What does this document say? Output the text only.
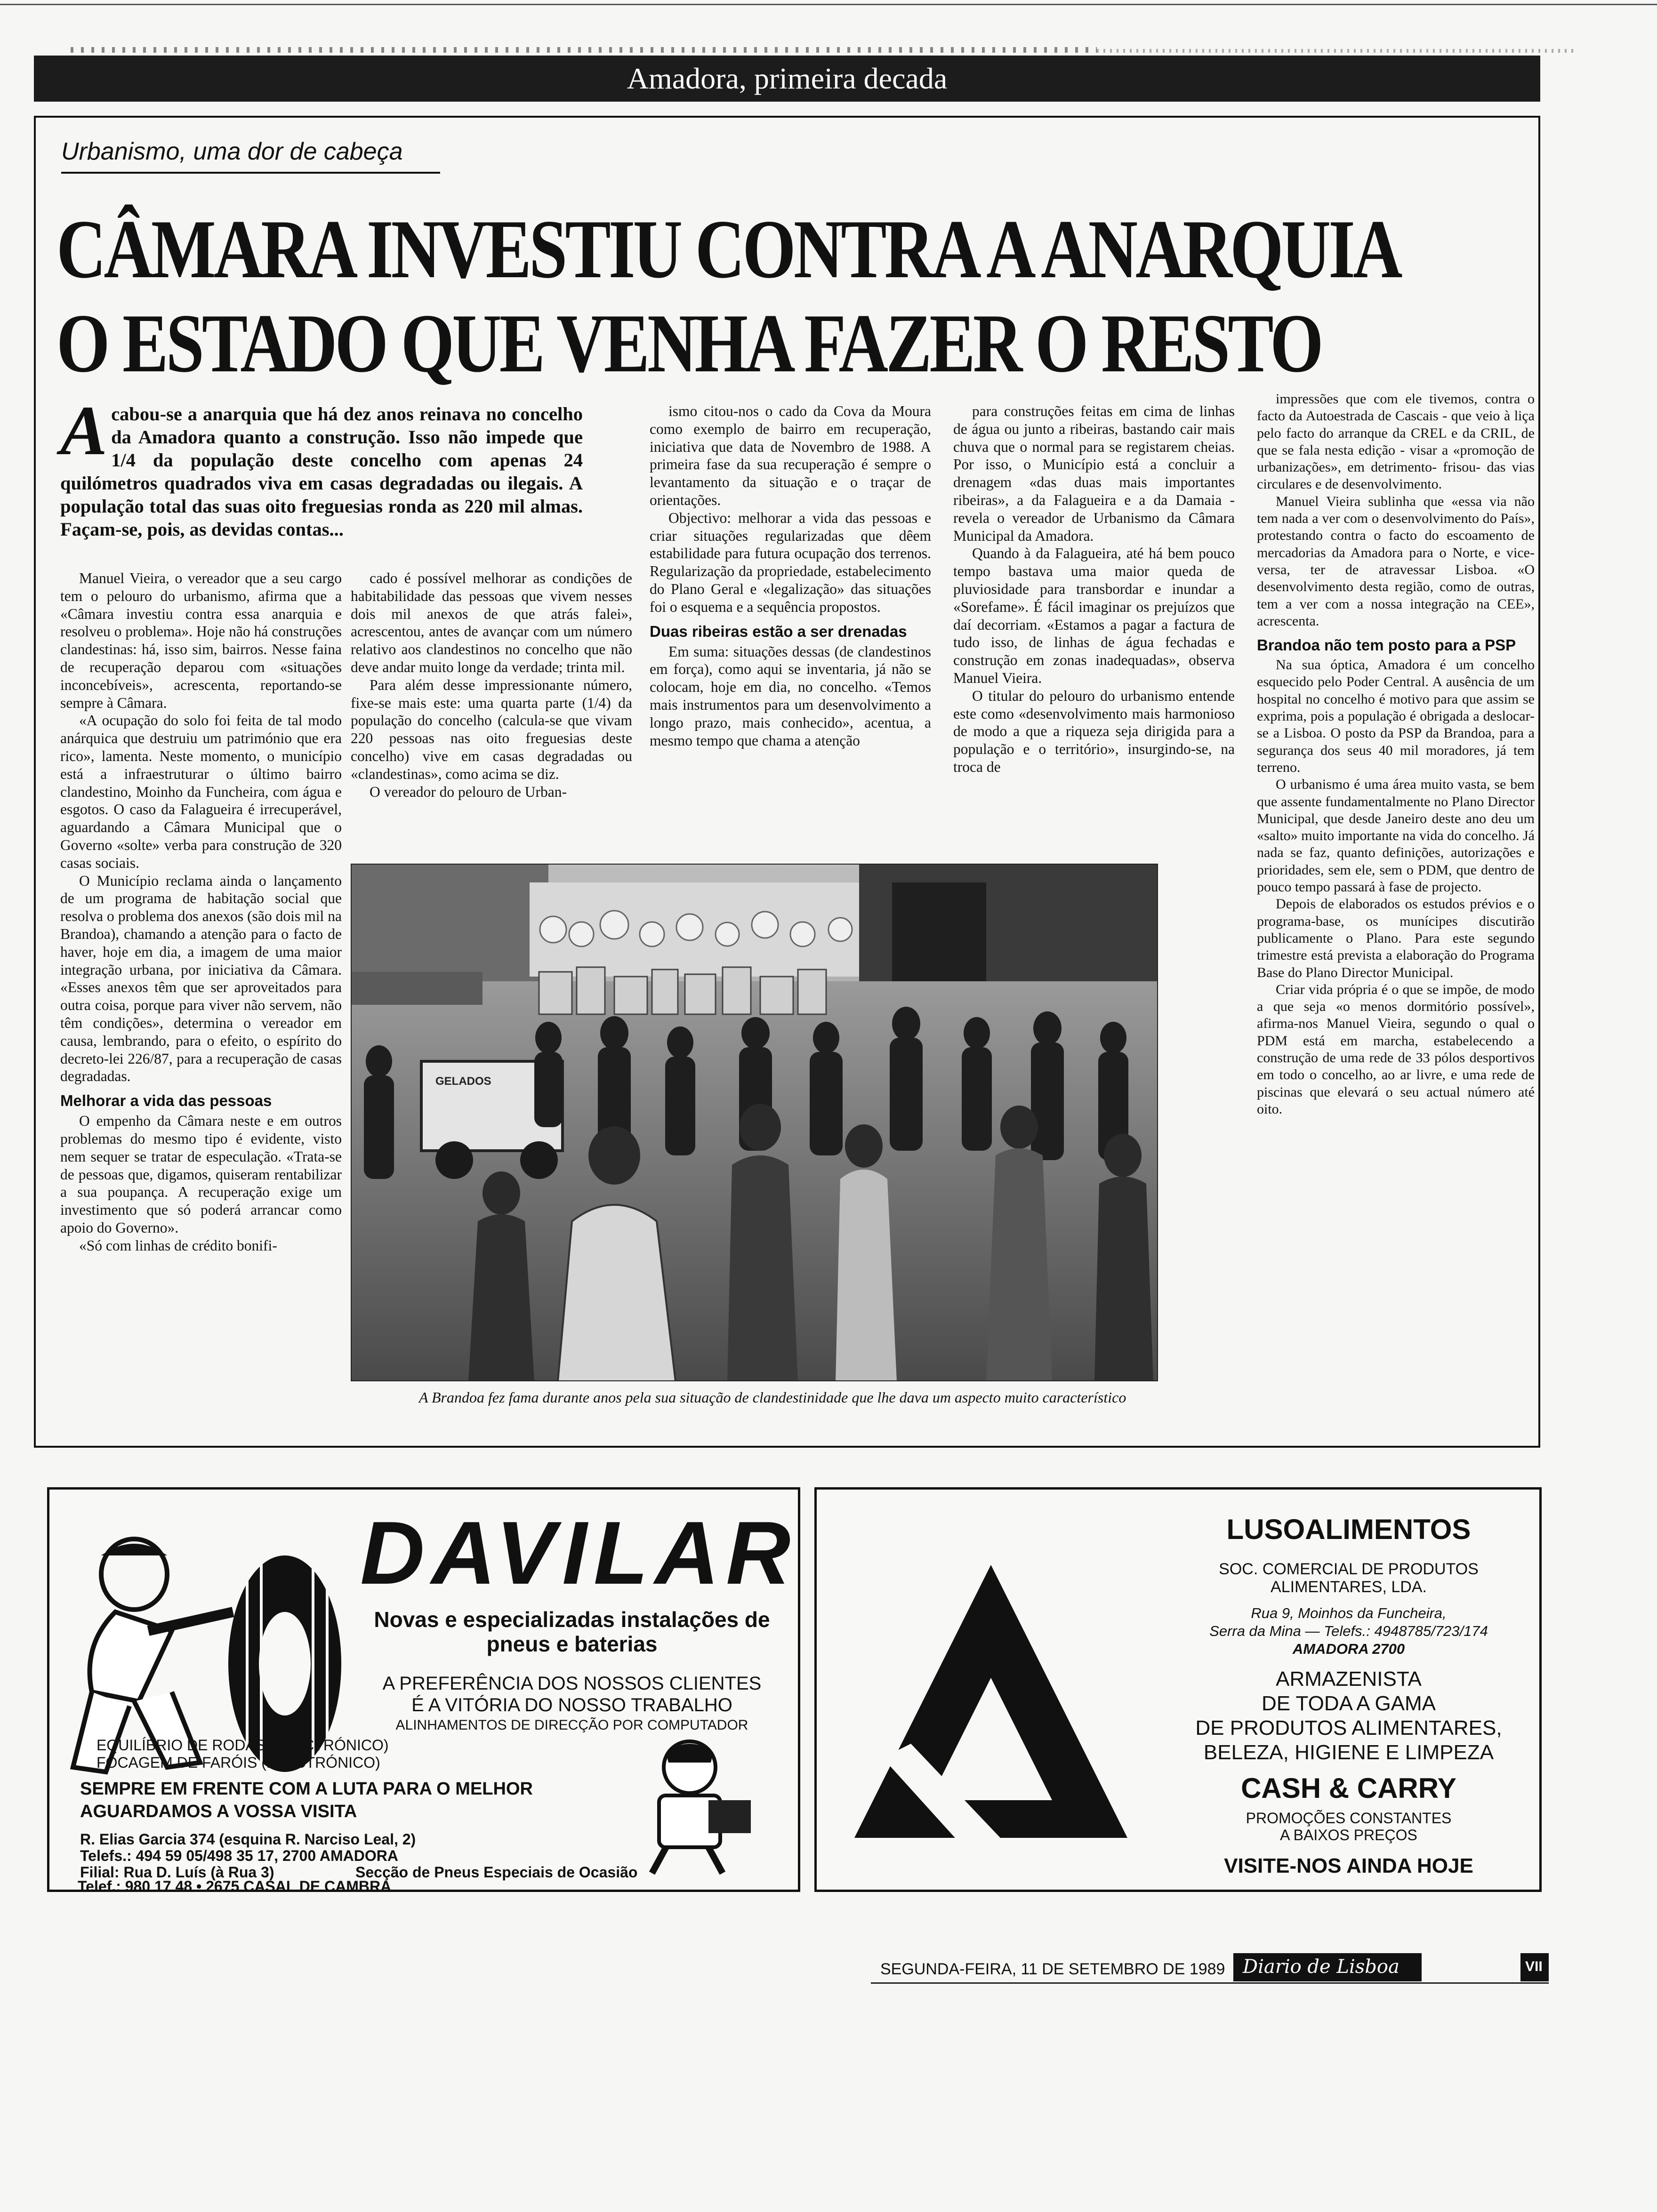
Amadora, primeira decada
Urbanismo, uma dor de cabeça
CÂMARA INVESTIU CONTRA A ANARQUIA
O ESTADO QUE VENHA FAZER O RESTO
Acabou-se a anarquia que há dez anos reinava no concelho da Amadora quanto a construção. Isso não impede que 1/4 da população deste concelho com apenas 24 quilómetros quadrados viva em casas degradadas ou ilegais. A população total das suas oito freguesias ronda as 220 mil almas. Façam-se, pois, as devidas contas...

Manuel Vieira, o vereador que a seu cargo tem o pelouro do urbanismo, afirma que a «Câmara investiu contra essa anarquia e resolveu o problema». Hoje não há construções clandestinas: há, isso sim, bairros. Nesse faina de recuperação deparou com «situações inconcebíveis», acrescenta, reportando-se sempre à Câmara.

«A ocupação do solo foi feita de tal modo anárquica que destruiu um património que era rico», lamenta. Neste momento, o município está a infraestruturar o último bairro clandestino, Moinho da Funcheira, com água e esgotos. O caso da Falagueira é irrecuperável, aguardando a Câmara Municipal que o Governo «solte» verba para construção de 320 casas sociais.

O Município reclama ainda o lançamento de um programa de habitação social que resolva o problema dos anexos (são dois mil na Brandoa), chamando a atenção para o facto de haver, hoje em dia, a imagem de uma maior integração urbana, por iniciativa da Câmara. «Esses anexos têm que ser aproveitados para outra coisa, porque para viver não servem, não têm condições», determina o vereador em causa, lembrando, para o efeito, o espírito do decreto-lei 226/87, para a recuperação de casas degradadas.

Melhorar a vida das pessoas

O empenho da Câmara neste e em outros problemas do mesmo tipo é evidente, visto nem sequer se tratar de especulação. «Trata-se de pessoas que, digamos, quiseram rentabilizar a sua poupança. A recuperação exige um investimento que só poderá arrancar como apoio do Governo».

«Só com linhas de crédito bonifi-

cado é possível melhorar as condições de habitabilidade das pessoas que vivem nesses dois mil anexos de que atrás falei», acrescentou, antes de avançar com um número relativo aos clandestinos no concelho que não deve andar muito longe da verdade; trinta mil.

Para além desse impressionante número, fixe-se mais este: uma quarta parte (1/4) da população do concelho (calcula-se que vivam 220 pessoas nas oito freguesias deste concelho) vive em casas degradadas ou «clandestinas», como acima se diz.

O vereador do pelouro de Urban-

ismo citou-nos o cado da Cova da Moura como exemplo de bairro em recuperação, iniciativa que data de Novembro de 1988. A primeira fase da sua recuperação é sempre o levantamento da situação e o traçar de orientações.

Objectivo: melhorar a vida das pessoas e criar situações regularizadas que dêem estabilidade para futura ocupação dos terrenos. Regularização da propriedade, estabelecimento do Plano Geral e «legalização» das situações foi o esquema e a sequência propostos.

Duas ribeiras estão a ser drenadas

Em suma: situações dessas (de clandestinos em força), como aqui se inventaria, já não se colocam, hoje em dia, no concelho. «Temos mais instrumentos para um desenvolvimento a longo prazo, mais conhecido», acentua, a mesmo tempo que chama a atenção

para construções feitas em cima de linhas de água ou junto a ribeiras, bastando cair mais chuva que o normal para se registarem cheias. Por isso, o Município está a concluir a drenagem «das duas mais importantes ribeiras», a da Falagueira e a da Damaia - revela o vereador de Urbanismo da Câmara Municipal da Amadora.

Quando à da Falagueira, até há bem pouco tempo bastava uma maior queda de pluviosidade para transbordar e inundar a «Sorefame». É fácil imaginar os prejuízos que daí decorriam. «Estamos a pagar a factura de tudo isso, de linhas de água fechadas e construção em zonas inadequadas», observa Manuel Vieira.

O titular do pelouro do urbanismo entende este como «desenvolvimento mais harmonioso de modo a que a riqueza seja dirigida para a população e o território», insurgindo-se, na troca de

impressões que com ele tivemos, contra o facto da Autoestrada de Cascais - que veio à liça pelo facto do arranque da CREL e da CRIL, de que se fala nesta edição - visar a «promoção de urbanizações», em detrimento- frisou- das vias circulares e de desenvolvimento.

Manuel Vieira sublinha que «essa via não tem nada a ver com o desenvolvimento do País», protestando contra o facto do escoamento de mercadorias da Amadora para o Norte, e vice-versa, ter de atravessar Lisboa. «O desenvolvimento desta região, como de outras, tem a ver com a nossa integração na CEE», acrescenta.

Brandoa não tem posto para a PSP

Na sua óptica, Amadora é um concelho esquecido pelo Poder Central. A ausência de um hospital no concelho é motivo para que assim se exprima, pois a população é obrigada a deslocar-se a Lisboa. O posto da PSP da Brandoa, para a segurança dos seus 40 mil moradores, já tem terreno.

O urbanismo é uma área muito vasta, se bem que assente fundamentalmente no Plano Director Municipal, que desde Janeiro deste ano deu um «salto» muito importante na vida do concelho. Já nada se faz, quanto definições, autorizações e prioridades, sem ele, sem o PDM, que dentro de pouco tempo passará à fase de projecto.

Depois de elaborados os estudos prévios e o programa-base, os munícipes discutirão publicamente o Plano. Para este segundo trimestre está prevista a elaboração do Programa Base do Plano Director Municipal.

Criar vida própria é o que se impõe, de modo a que seja «o menos dormitório possível», afirma-nos Manuel Vieira, segundo o qual o PDM está em marcha, estabelecendo a construção de uma rede de 33 pólos desportivos em todo o concelho, ao ar livre, e uma rede de piscinas que elevará o seu actual número até oito.

GELADOS
A Brandoa fez fama durante anos pela sua situação de clandestinidade que lhe dava um aspecto muito característico
DAVILAR
Novas e especializadas instalações de pneus e baterias
A PREFERÊNCIA DOS NOSSOS CLIENTES
É A VITÓRIA DO NOSSO TRABALHO
ALINHAMENTOS DE DIRECÇÃO POR COMPUTADOR
EQUILÍBRIO DE RODAS (ELECTRÓNICO)
FOCAGEM DE FARÓIS (ELECTRÓNICO)
SEMPRE EM FRENTE COM A LUTA PARA O MELHOR
AGUARDAMOS A VOSSA VISITA
R. Elias Garcia 374 (esquina R. Narciso Leal, 2)
Telefs.: 494 59 05/498 35 17, 2700 AMADORA
Filial: Rua D. Luís (à Rua 3)	Secção de Pneus Especiais de Ocasião
Telef.: 980 17 48 • 2675 CASAL DE CAMBRA
LUSOALIMENTOS
SOC. COMERCIAL DE PRODUTOS
ALIMENTARES, LDA.
Rua 9, Moinhos da Funcheira,
Serra da Mina — Telefs.: 4948785/723/174
AMADORA 2700
ARMAZENISTA
DE TODA A GAMA
DE PRODUTOS ALIMENTARES,
BELEZA, HIGIENE E LIMPEZA
CASH & CARRY
PROMOÇÕES CONSTANTES
A BAIXOS PREÇOS
VISITE-NOS AINDA HOJE
SEGUNDA-FEIRA, 11 DE SETEMBRO DE 1989 Diario de Lisboa	VII
